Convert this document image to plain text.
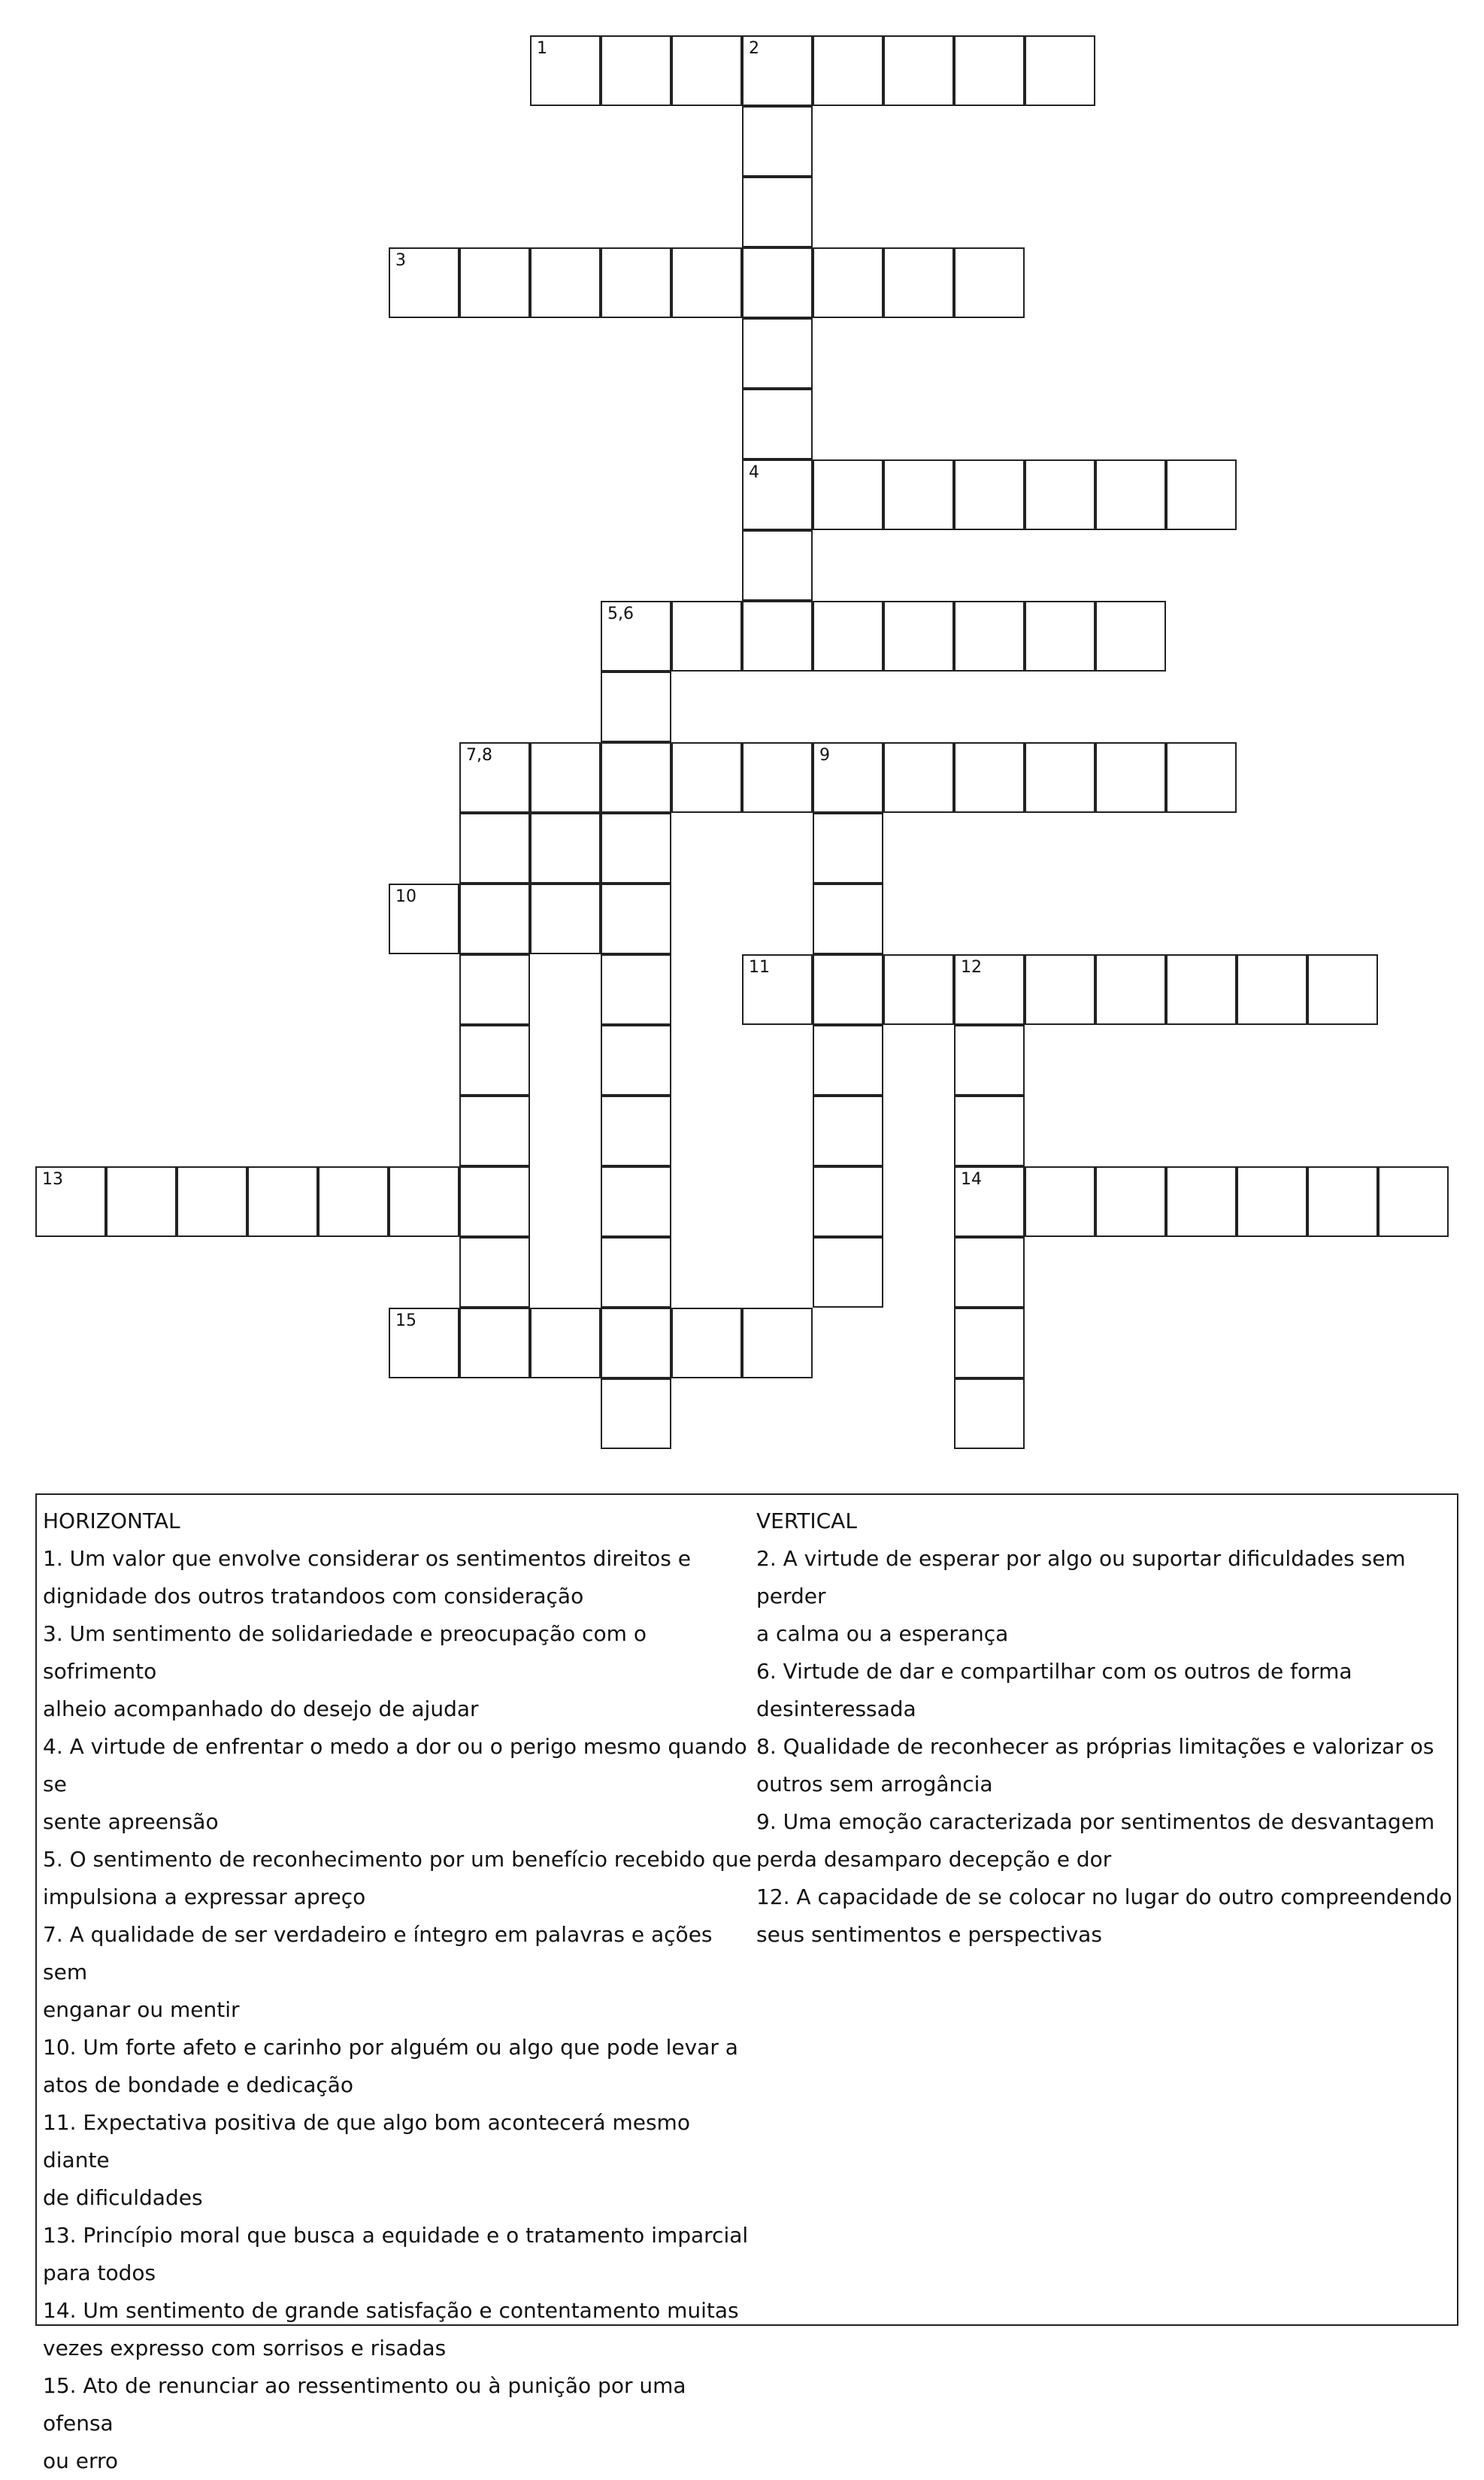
1	2
3
4
5,6
7,8	9
10
11	12
13	14
15
HORIZONTAL
1. Um valor que envolve considerar os sentimentos direitos e
dignidade dos outros tratandoos com consideração
3. Um sentimento de solidariedade e preocupação com o sofrimento
alheio acompanhado do desejo de ajudar
4. A virtude de enfrentar o medo a dor ou o perigo mesmo quando se
sente apreensão
5. O sentimento de reconhecimento por um benefício recebido que
impulsiona a expressar apreço
7. A qualidade de ser verdadeiro e íntegro em palavras e ações sem
enganar ou mentir
10. Um forte afeto e carinho por alguém ou algo que pode levar a
atos de bondade e dedicação
11. Expectativa positiva de que algo bom acontecerá mesmo diante
de dificuldades
13. Princípio moral que busca a equidade e o tratamento imparcial
para todos
14. Um sentimento de grande satisfação e contentamento muitas
vezes expresso com sorrisos e risadas
15. Ato de renunciar ao ressentimento ou à punição por uma ofensa
ou erro
VERTICAL
2. A virtude de esperar por algo ou suportar dificuldades sem perder
a calma ou a esperança
6. Virtude de dar e compartilhar com os outros de forma
desinteressada
8. Qualidade de reconhecer as próprias limitações e valorizar os
outros sem arrogância
9. Uma emoção caracterizada por sentimentos de desvantagem
perda desamparo decepção e dor
12. A capacidade de se colocar no lugar do outro compreendendo
seus sentimentos e perspectivas
